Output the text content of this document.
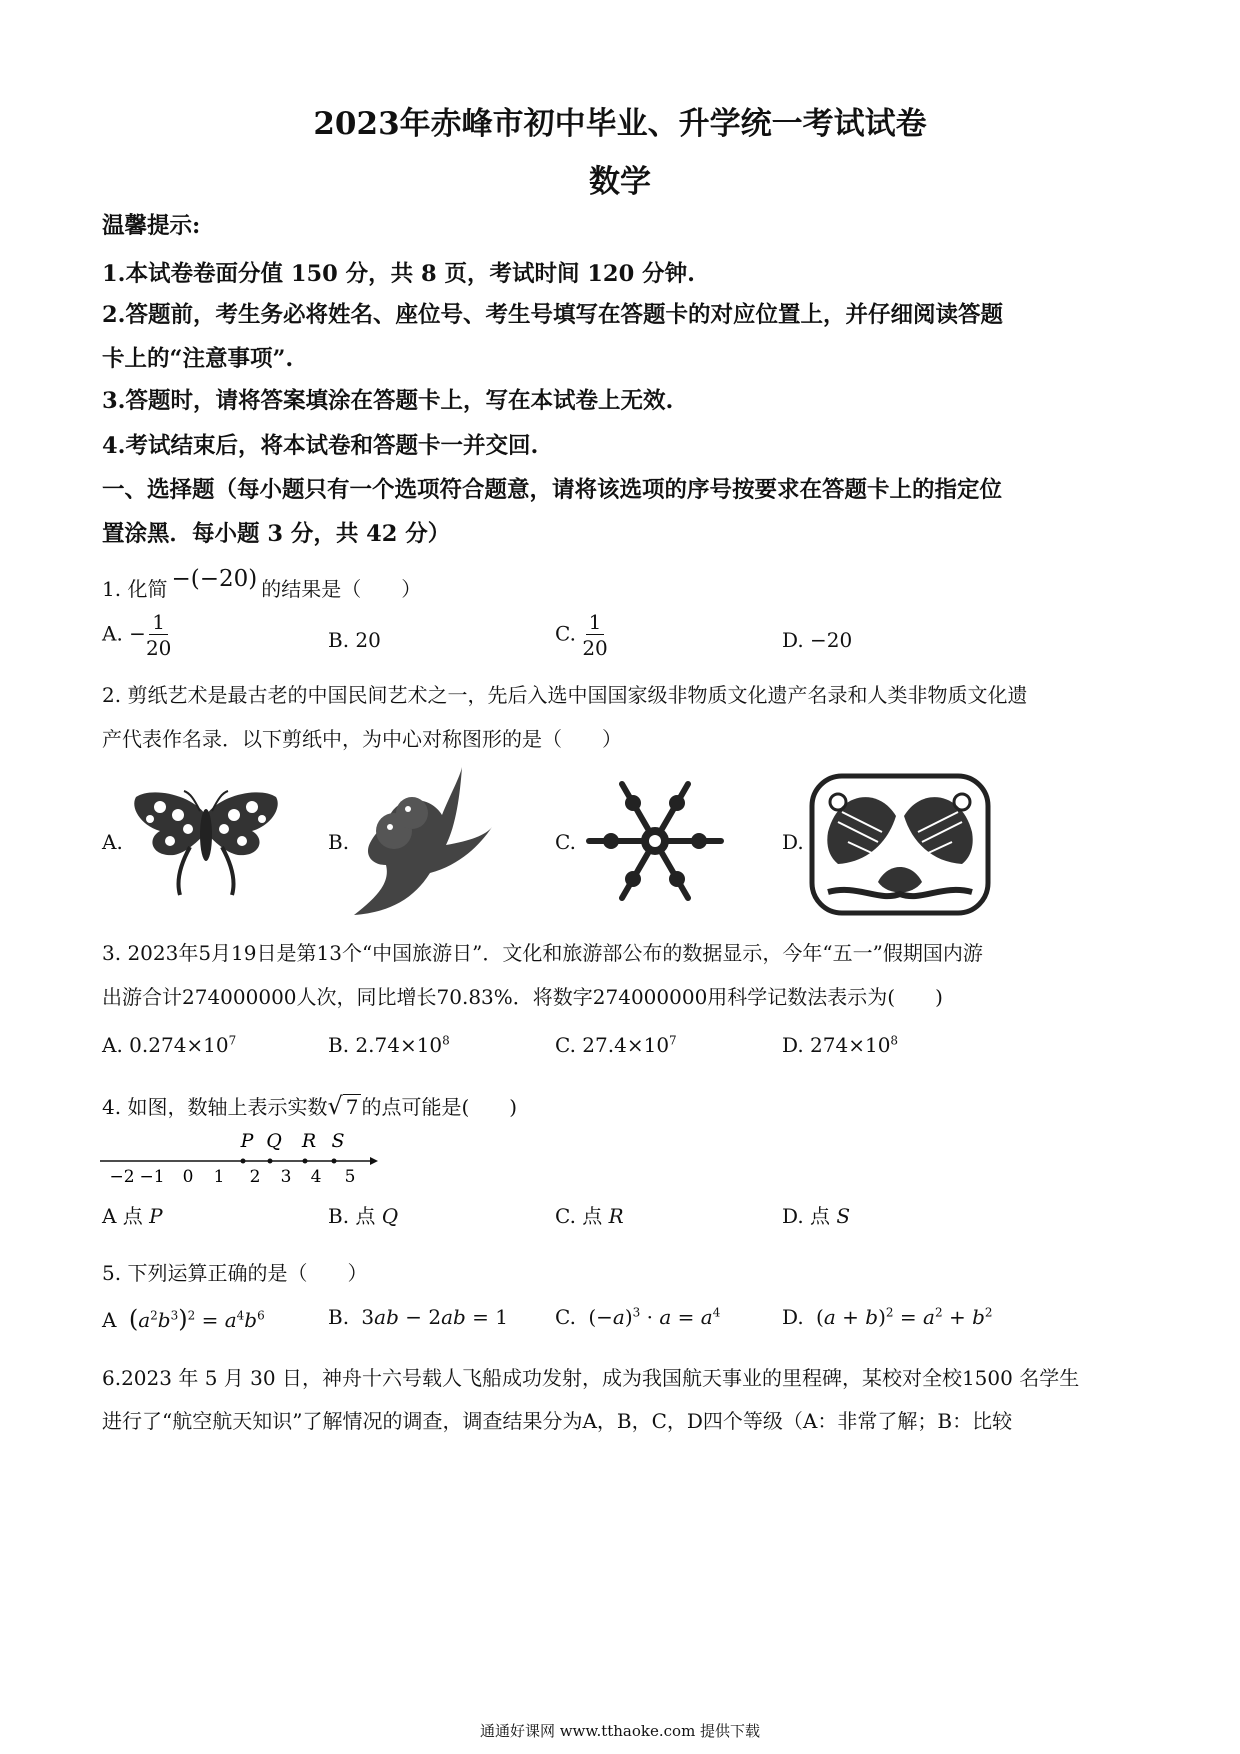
2023年赤峰市初中毕业、升学统一考试试卷
数学
温馨提示:
1.本试卷卷面分值 150 分，共 8 页，考试时间 120 分钟.
2.答题前，考生务必将姓名、座位号、考生号填写在答题卡的对应位置上，并仔细阅读答题
卡上的“注意事项”.
3.答题时，请将答案填涂在答题卡上，写在本试卷上无效.
4.考试结束后，将本试卷和答题卡一并交回.
一、选择题（每小题只有一个选项符合题意，请将该选项的序号按要求在答题卡上的指定位
置涂黑．每小题 3 分，共 42 分）
1. 化简 −(−20) 的结果是（　　）
A. − $\frac{1}{20}$	B. 20	C. $\frac{1}{20}$	D. −20
2. 剪纸艺术是最古老的中国民间艺术之一，先后入选中国国家级非物质文化遗产名录和人类非物质文化遗
产代表作名录．以下剪纸中，为中心对称图形的是（　　）
A.	B.	C.	D.
3. 2023年5月19日是第13个“中国旅游日”．文化和旅游部公布的数据显示，今年“五一”假期国内游
出游合计274000000人次，同比增长70.83%．将数字274000000用科学记数法表示为(　　)
A. $0.274\times 10^7$	B. $2.74\times 10^8$	C. $27.4\times 10^7$	D. $274\times 10^8$
4. 如图，数轴上表示实数√ 7 的点可能是(　　)
−2 −1 0 1 2 3 4 5
P Q R S
A 点 P	B. 点 Q	C. 点 R	D. 点 S
5. 下列运算正确的是（　　）
A $(a^2b^3)^2 = a^4b^6$	B. 3ab − 2ab = 1 C. $(-a)^3 \cdot a = a^4$	D. $(a + b)^2 = a^2 + b^2$
6.2023 年 5 月 30 日，神舟十六号载人飞船成功发射，成为我国航天事业的里程碑，某校对全校1500 名学生
进行了“航空航天知识”了解情况的调查，调查结果分为A，B，C，D四个等级（A：非常了解；B：比较
通通好课网 www.tthaoke.com 提供下载
